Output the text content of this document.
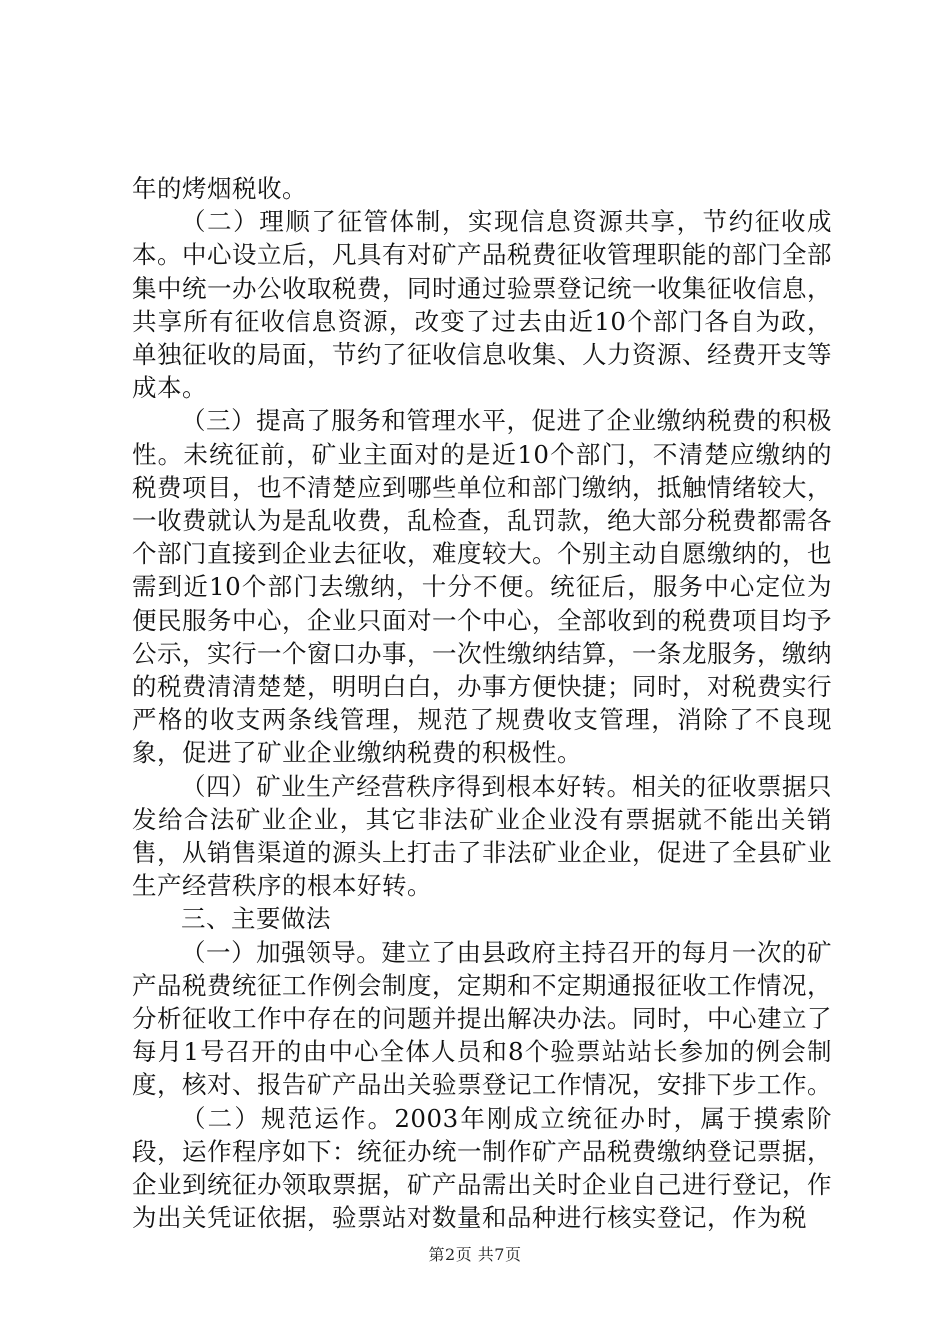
年的烤烟税收。

（二）理顺了征管体制，实现信息资源共享，节约征收成本。中心设立后，凡具有对矿产品税费征收管理职能的部门全部集中统一办公收取税费，同时通过验票登记统一收集征收信息，共享所有征收信息资源，改变了过去由近10个部门各自为政，单独征收的局面，节约了征收信息收集、人力资源、经费开支等成本。

（三）提高了服务和管理水平，促进了企业缴纳税费的积极性。未统征前，矿业主面对的是近10个部门，不清楚应缴纳的税费项目，也不清楚应到哪些单位和部门缴纳，抵触情绪较大，一收费就认为是乱收费，乱检查，乱罚款，绝大部分税费都需各个部门直接到企业去征收，难度较大。个别主动自愿缴纳的，也需到近10个部门去缴纳，十分不便。统征后，服务中心定位为便民服务中心，企业只面对一个中心，全部收到的税费项目均予公示，实行一个窗口办事，一次性缴纳结算，一条龙服务，缴纳的税费清清楚楚，明明白白，办事方便快捷；同时，对税费实行严格的收支两条线管理，规范了规费收支管理，消除了不良现象，促进了矿业企业缴纳税费的积极性。

（四）矿业生产经营秩序得到根本好转。相关的征收票据只发给合法矿业企业，其它非法矿业企业没有票据就不能出关销售，从销售渠道的源头上打击了非法矿业企业，促进了全县矿业生产经营秩序的根本好转。

三、主要做法

（一）加强领导。建立了由县政府主持召开的每月一次的矿产品税费统征工作例会制度，定期和不定期通报征收工作情况，分析征收工作中存在的问题并提出解决办法。同时，中心建立了每月1号召开的由中心全体人员和8个验票站站长参加的例会制度，核对、报告矿产品出关验票登记工作情况，安排下步工作。

（二）规范运作。2003年刚成立统征办时，属于摸索阶段，运作程序如下：统征办统一制作矿产品税费缴纳登记票据，企业到统征办领取票据，矿产品需出关时企业自己进行登记，作为出关凭证依据，验票站对数量和品种进行核实登记，作为税

第2页 共7页
